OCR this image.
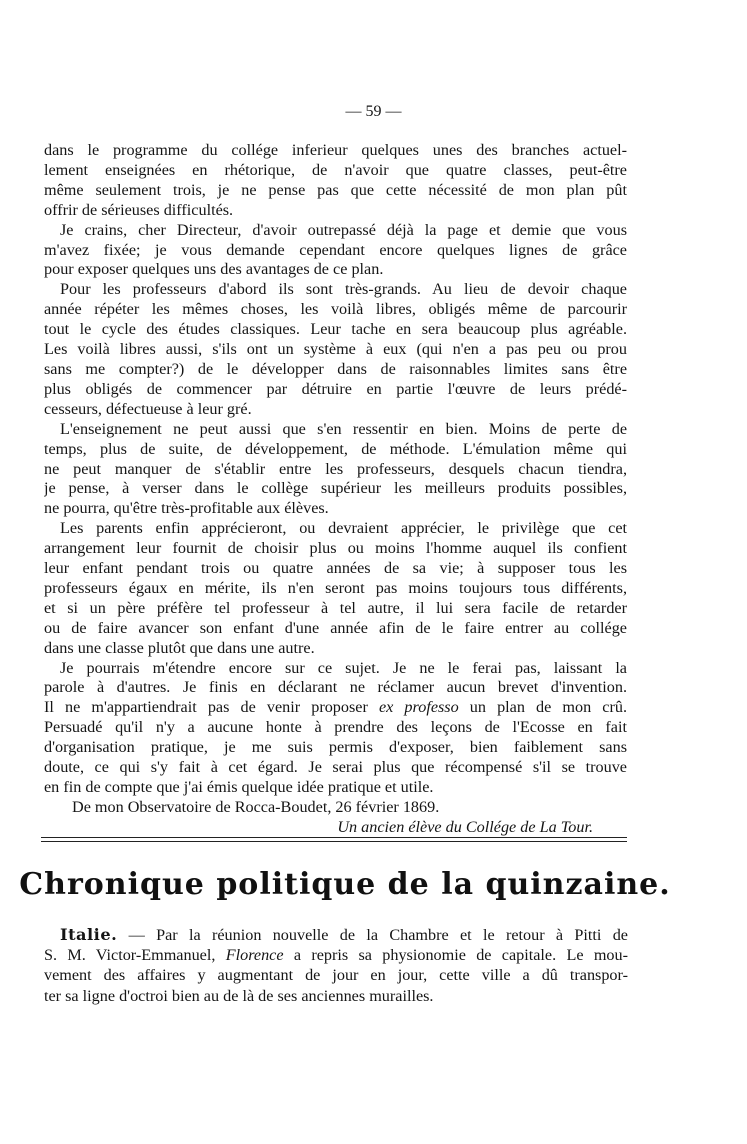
— 59 —
dans le programme du collége inferieur quelques unes des branches actuel-
lement enseignées en rhétorique, de n'avoir que quatre classes, peut-être
même seulement trois, je ne pense pas que cette nécessité de mon plan pût
offrir de sérieuses difficultés.
Je crains, cher Directeur, d'avoir outrepassé déjà la page et demie que vous
m'avez fixée; je vous demande cependant encore quelques lignes de grâce
pour exposer quelques uns des avantages de ce plan.
Pour les professeurs d'abord ils sont très-grands. Au lieu de devoir chaque
année répéter les mêmes choses, les voilà libres, obligés même de parcourir
tout le cycle des études classiques. Leur tache en sera beaucoup plus agréable.
Les voilà libres aussi, s'ils ont un système à eux (qui n'en a pas peu ou prou
sans me compter?) de le développer dans de raisonnables limites sans être
plus obligés de commencer par détruire en partie l'œuvre de leurs prédé-
cesseurs, défectueuse à leur gré.
L'enseignement ne peut aussi que s'en ressentir en bien. Moins de perte de
temps, plus de suite, de développement, de méthode. L'émulation même qui
ne peut manquer de s'établir entre les professeurs, desquels chacun tiendra,
je pense, à verser dans le collège supérieur les meilleurs produits possibles,
ne pourra, qu'être très-profitable aux élèves.
Les parents enfin apprécieront, ou devraient apprécier, le privilège que cet
arrangement leur fournit de choisir plus ou moins l'homme auquel ils confient
leur enfant pendant trois ou quatre années de sa vie; à supposer tous les
professeurs égaux en mérite, ils n'en seront pas moins toujours tous différents,
et si un père préfère tel professeur à tel autre, il lui sera facile de retarder
ou de faire avancer son enfant d'une année afin de le faire entrer au collége
dans une classe plutôt que dans une autre.
Je pourrais m'étendre encore sur ce sujet. Je ne le ferai pas, laissant la
parole à d'autres. Je finis en déclarant ne réclamer aucun brevet d'invention.
Il ne m'appartiendrait pas de venir proposer ex professo un plan de mon crû.
Persuadé qu'il n'y a aucune honte à prendre des leçons de l'Ecosse en fait
d'organisation pratique, je me suis permis d'exposer, bien faiblement sans
doute, ce qui s'y fait à cet égard. Je serai plus que récompensé s'il se trouve
en fin de compte que j'ai émis quelque idée pratique et utile.
De mon Observatoire de Rocca-Boudet, 26 février 1869.
Un ancien élève du Collége de La Tour.
Chronique politique de la quinzaine.
Italie. — Par la réunion nouvelle de la Chambre et le retour à Pitti de
S. M. Victor-Emmanuel, Florence a repris sa physionomie de capitale. Le mou-
vement des affaires y augmentant de jour en jour, cette ville a dû transpor-
ter sa ligne d'octroi bien au de là de ses anciennes murailles.
